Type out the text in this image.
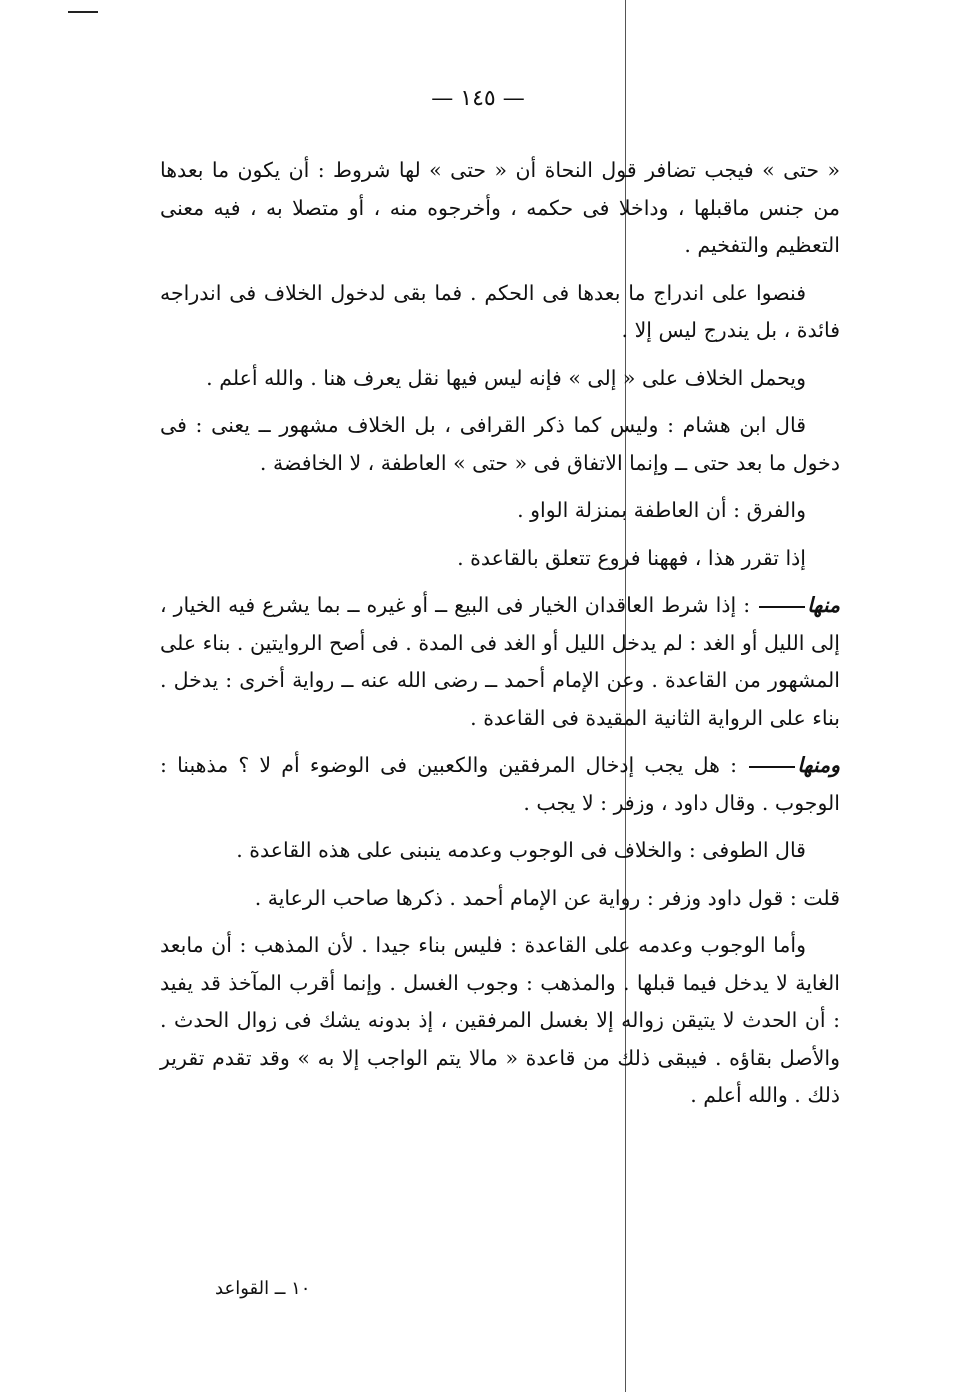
— ١٤٥ —

« حتى » فيجب تضافر قول النحاة أن « حتى » لها شروط : أن يكون ما بعدها من جنس ماقبلها ، وداخلا فى حكمه ، وأخرجوه منه ، أو متصلا به ، فيه معنى التعظيم والتفخيم .

فنصوا على اندراج ما بعدها فى الحكم . فما بقى لدخول الخلاف فى اندراجه فائدة ، بل يندرج ليس إلا .

ويحمل الخلاف على « إلى » فإنه ليس فيها نقل يعرف هنا . والله أعلم .

قال ابن هشام : وليس كما ذكر القرافى ، بل الخلاف مشهور ــ يعنى : فى دخول ما بعد حتى ــ وإنما الاتفاق فى « حتى » العاطفة ، لا الخافضة .

والفرق : أن العاطفة بمنزلة الواو .

إذا تقرر هذا ، فههنا فروع تتعلق بالقاعدة .

منها : إذا شرط العاقدان الخيار فى البيع ــ أو غيره ــ بما يشرع فيه الخيار ، إلى الليل أو الغد : لم يدخل الليل أو الغد فى المدة . فى أصح الروايتين . بناء على المشهور من القاعدة . وعن الإمام أحمد ــ رضى الله عنه ــ رواية أخرى : يدخل . بناء على الرواية الثانية المقيدة فى القاعدة .

ومنها : هل يجب إدخال المرفقين والكعبين فى الوضوء أم لا ؟ مذهبنا : الوجوب . وقال داود ، وزفر : لا يجب .

قال الطوفى : والخلاف فى الوجوب وعدمه ينبنى على هذه القاعدة .

قلت : قول داود وزفر : رواية عن الإمام أحمد . ذكرها صاحب الرعاية .

وأما الوجوب وعدمه على القاعدة : فليس بناء جيدا . لأن المذهب : أن مابعد الغاية لا يدخل فيما قبلها . والمذهب : وجوب الغسل . وإنما أقرب المآخذ قد يفيد : أن الحدث لا يتيقن زواله إلا بغسل المرفقين ، إذ بدونه يشك فى زوال الحدث . والأصل بقاؤه . فيبقى ذلك من قاعدة « مالا يتم الواجب إلا به » وقد تقدم تقرير ذلك . والله أعلم .

١٠ ــ القواعد
